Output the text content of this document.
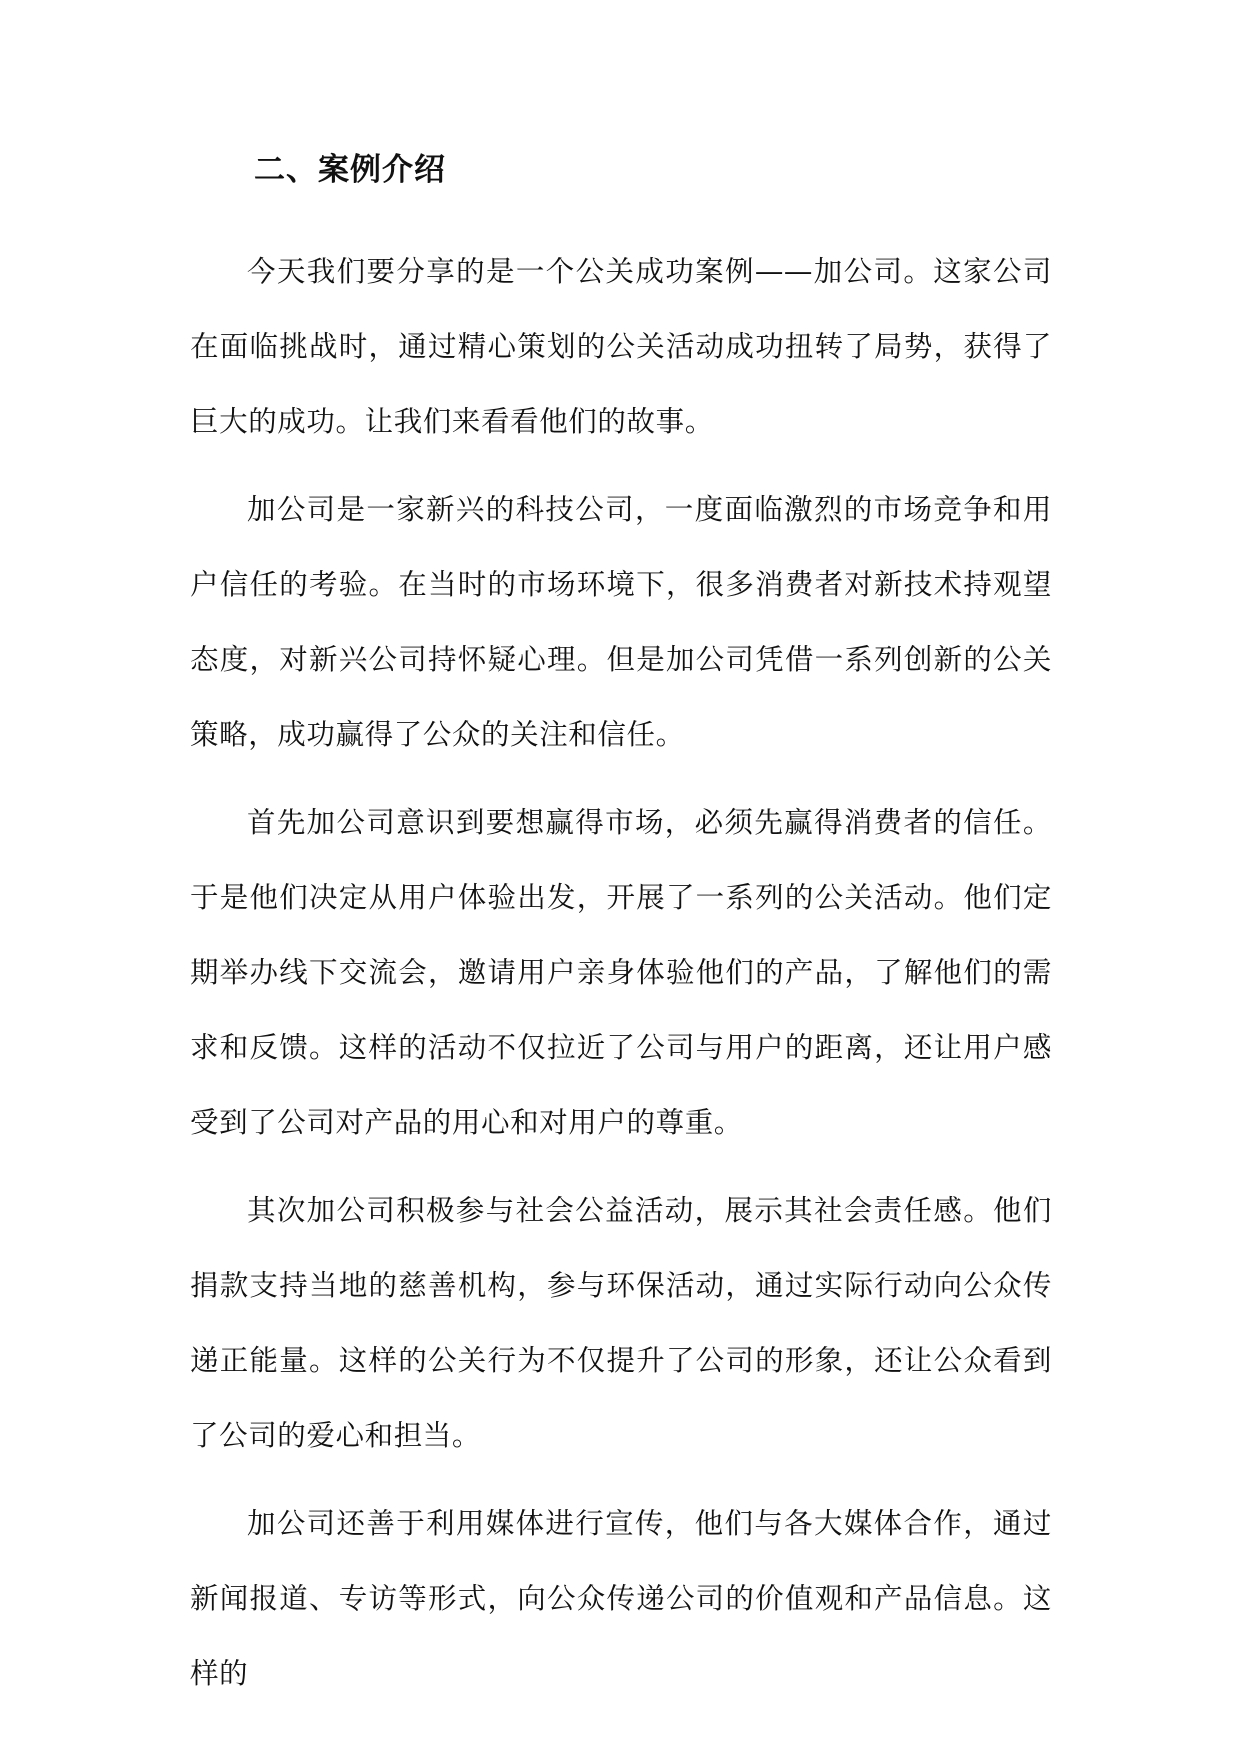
二、案例介绍

今天我们要分享的是一个公关成功案例——加公司。这家公司在面临挑战时，通过精心策划的公关活动成功扭转了局势，获得了巨大的成功。让我们来看看他们的故事。

加公司是一家新兴的科技公司，一度面临激烈的市场竞争和用户信任的考验。在当时的市场环境下，很多消费者对新技术持观望态度，对新兴公司持怀疑心理。但是加公司凭借一系列创新的公关策略，成功赢得了公众的关注和信任。

首先加公司意识到要想赢得市场，必须先赢得消费者的信任。于是他们决定从用户体验出发，开展了一系列的公关活动。他们定期举办线下交流会，邀请用户亲身体验他们的产品，了解他们的需求和反馈。这样的活动不仅拉近了公司与用户的距离，还让用户感受到了公司对产品的用心和对用户的尊重。

其次加公司积极参与社会公益活动，展示其社会责任感。他们捐款支持当地的慈善机构，参与环保活动，通过实际行动向公众传递正能量。这样的公关行为不仅提升了公司的形象，还让公众看到了公司的爱心和担当。

加公司还善于利用媒体进行宣传，他们与各大媒体合作，通过新闻报道、专访等形式，向公众传递公司的价值观和产品信息。这样的
